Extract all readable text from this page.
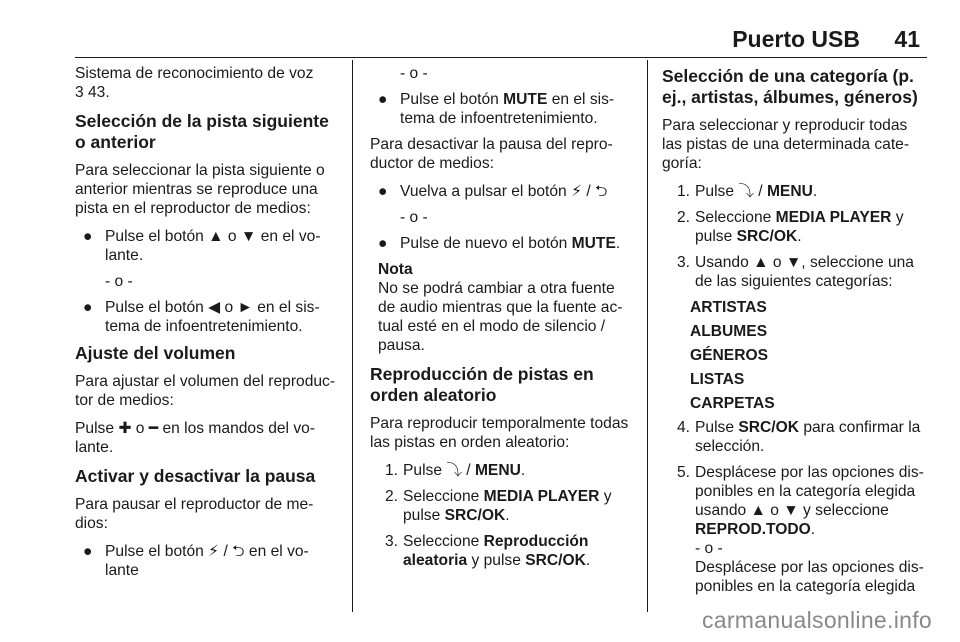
Puerto USB 41

Sistema de reconocimiento de voz
3 43.

Selección de la pista siguiente o anterior

Para seleccionar la pista siguiente o anterior mientras se reproduce una pista en el reproductor de medios:

● Pulse el botón ▲ o ▼ en el vo-
lante.
- o -
● Pulse el botón ◀ o ► en el sis-
tema de infoentretenimiento.
Ajuste del volumen

Para ajustar el volumen del reproduc-tor de medios:

Pulse ✚ o ━ en los mandos del vo-
lante.

Activar y desactivar la pausa

Para pausar el reproductor de me-dios:

● Pulse el botón ⚡ / ⮌ en el vo-
lante
- o -
● Pulse el botón MUTE en el sis-
tema de infoentretenimiento.

Para desactivar la pausa del repro-ductor de medios:

● Vuelva a pulsar el botón ⚡ / ⮌
- o -
● Pulse de nuevo el botón MUTE.
Nota
No se podrá cambiar a otra fuente de audio mientras que la fuente ac-tual esté en el modo de silencio / pausa.
Reproducción de pistas en orden aleatorio

Para reproducir temporalmente todas las pistas en orden aleatorio:

1. Pulse ⤵ / MENU.
2. Seleccione MEDIA PLAYER y pulse SRC/OK.
3. Seleccione Reproducción aleatoria y pulse SRC/OK.
Selección de una categoría (p. ej., artistas, álbumes, géneros)

Para seleccionar y reproducir todas las pistas de una determinada cate-goría:

1. Pulse ⤵ / MENU.
2. Seleccione MEDIA PLAYER y pulse SRC/OK.
3. Usando ▲ o ▼, seleccione una de las siguientes categorías:
ARTISTAS
ALBUMES
GÉNEROS
LISTAS
CARPETAS
4. Pulse SRC/OK para confirmar la selección.
5. Desplácese por las opciones dis-ponibles en la categoría elegida usando ▲ o ▼ y seleccione
REPROD.TODO.
- o -
Desplácese por las opciones dis-ponibles en la categoría elegida
carmanualsonline.info
